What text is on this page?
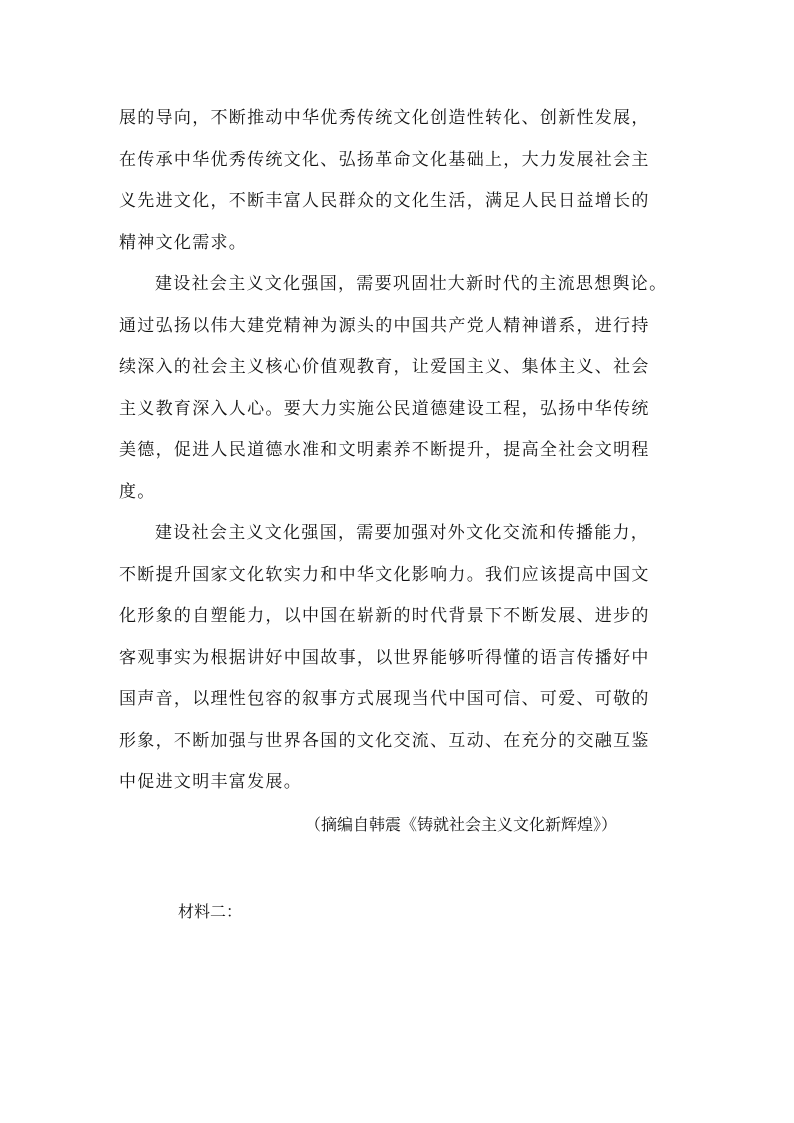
展的导向，不断推动中华优秀传统文化创造性转化、创新性发展，
在传承中华优秀传统文化、弘扬革命文化基础上，大力发展社会主
义先进文化，不断丰富人民群众的文化生活，满足人民日益增长的
精神文化需求。
建设社会主义文化强国，需要巩固壮大新时代的主流思想舆论。
通过弘扬以伟大建党精神为源头的中国共产党人精神谱系，进行持
续深入的社会主义核心价值观教育，让爱国主义、集体主义、社会
主义教育深入人心。要大力实施公民道德建设工程，弘扬中华传统
美德，促进人民道德水准和文明素养不断提升，提高全社会文明程
度。
建设社会主义文化强国，需要加强对外文化交流和传播能力，
不断提升国家文化软实力和中华文化影响力。我们应该提高中国文
化形象的自塑能力，以中国在崭新的时代背景下不断发展、进步的
客观事实为根据讲好中国故事，以世界能够听得懂的语言传播好中
国声音，以理性包容的叙事方式展现当代中国可信、可爱、可敬的
形象，不断加强与世界各国的文化交流、互动、在充分的交融互鉴
中促进文明丰富发展。
（摘编自韩震《铸就社会主义文化新辉煌》）
材料二：
